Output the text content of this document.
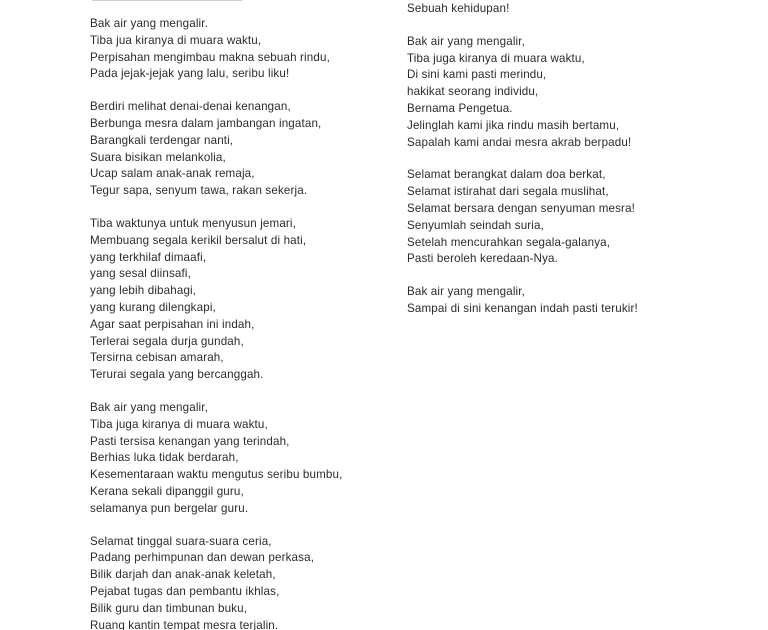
Bak air yang mengalir.
Tiba jua kiranya di muara waktu,
Perpisahan mengimbau makna sebuah rindu,
Pada jejak-jejak yang lalu, seribu liku!
Berdiri melihat denai-denai kenangan,
Berbunga mesra dalam jambangan ingatan,
Barangkali terdengar nanti,
Suara bisikan melankolia,
Ucap salam anak-anak remaja,
Tegur sapa, senyum tawa, rakan sekerja.
Tiba waktunya untuk menyusun jemari,
Membuang segala kerikil bersalut di hati,
yang terkhilaf dimaafi,
yang sesal diinsafi,
yang lebih dibahagi,
yang kurang dilengkapi,
Agar saat perpisahan ini indah,
Terlerai segala durja gundah,
Tersirna cebisan amarah,
Terurai segala yang bercanggah.
Bak air yang mengalir,
Tiba juga kiranya di muara waktu,
Pasti tersisa kenangan yang terindah,
Berhias luka tidak berdarah,
Kesementaraan waktu mengutus seribu bumbu,
Kerana sekali dipanggil guru,
selamanya pun bergelar guru.
Selamat tinggal suara-suara ceria,
Padang perhimpunan dan dewan perkasa,
Bilik darjah dan anak-anak keletah,
Pejabat tugas dan pembantu ikhlas,
Bilik guru dan timbunan buku,
Ruang kantin tempat mesra terjalin.
Sebuah kehidupan!
Bak air yang mengalir,
Tiba juga kiranya di muara waktu,
Di sini kami pasti merindu,
hakikat seorang individu,
Bernama Pengetua.
Jelinglah kami jika rindu masih bertamu,
Sapalah kami andai mesra akrab berpadu!
Selamat berangkat dalam doa berkat,
Selamat istirahat dari segala muslihat,
Selamat bersara dengan senyuman mesra!
Senyumlah seindah suria,
Setelah mencurahkan segala-galanya,
Pasti beroleh keredaan-Nya.
Bak air yang mengalir,
Sampai di sini kenangan indah pasti terukir!
